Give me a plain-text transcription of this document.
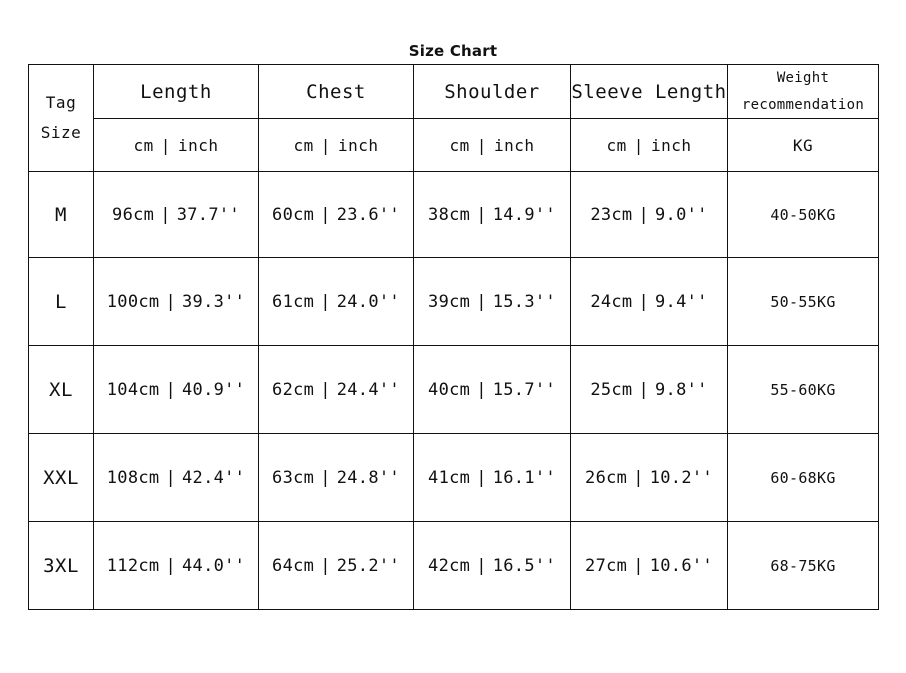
Size Chart
Tag
Size	Length	Chest	Shoulder	Sleeve Length	Weight
recommendation

	cm | inch	cm | inch	cm | inch	cm | inch	KG
M	96cm | 37.7''	60cm | 23.6''	38cm | 14.9''	23cm | 9.0''	40-50KG
L	100cm | 39.3''	61cm | 24.0''	39cm | 15.3''	24cm | 9.4''	50-55KG
XL	104cm | 40.9''	62cm | 24.4''	40cm | 15.7''	25cm | 9.8''	55-60KG
XXL	108cm | 42.4''	63cm | 24.8''	41cm | 16.1''	26cm | 10.2''	60-68KG
3XL	112cm | 44.0''	64cm | 25.2''	42cm | 16.5''	27cm | 10.6''	68-75KG
